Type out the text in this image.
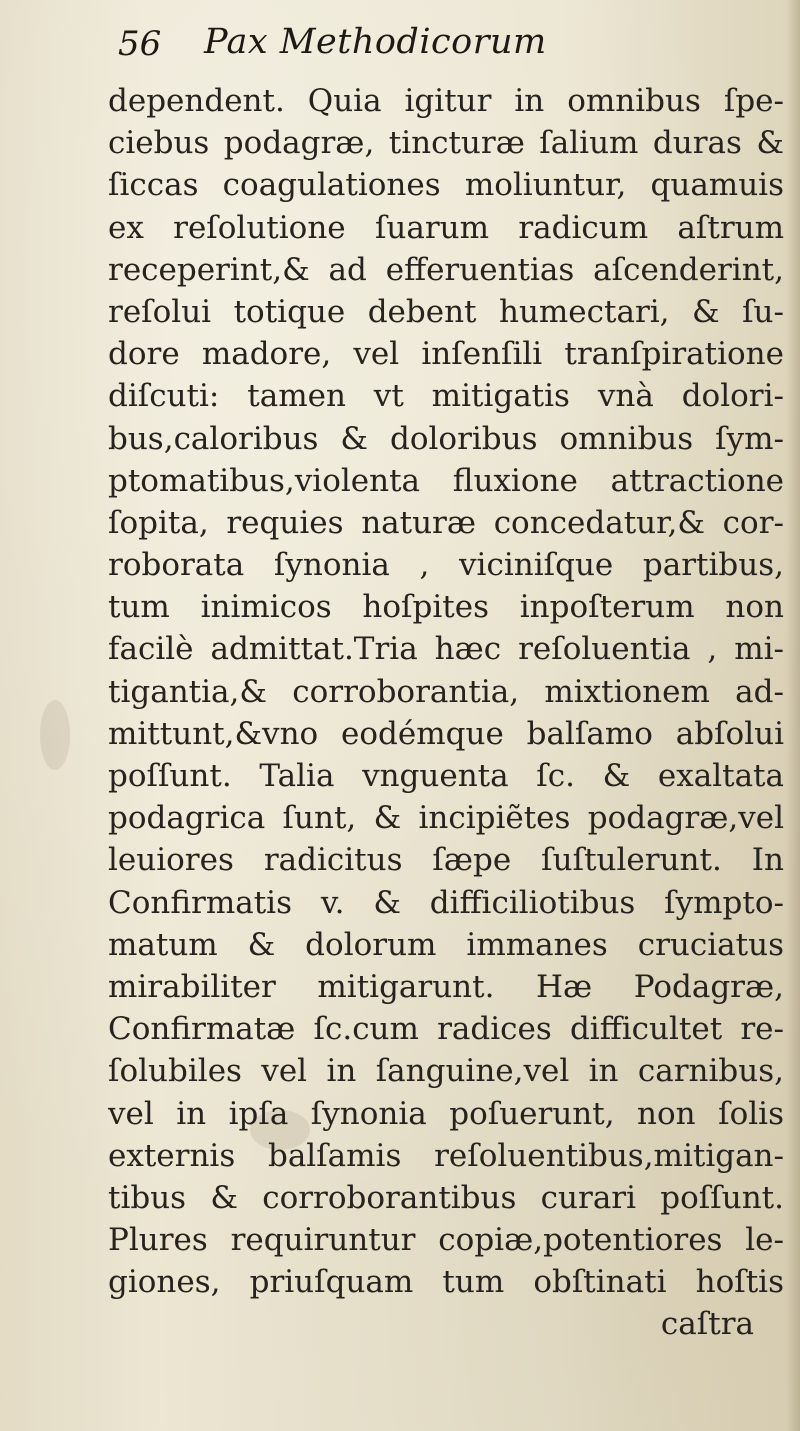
56 Pax Methodicorum
dependent. Quia igitur in omnibus ſpe-
ciebus podagræ, tincturæ ſalium duras &
ſiccas coagulationes moliuntur, quamuis
ex reſolutione ſuarum radicum aſtrum
receperint,& ad efferuentias aſcenderint,
reſolui totique debent humectari, & ſu-
dore madore, vel inſenſili tranſpiratione
diſcuti: tamen vt mitigatis vnà dolori-
bus,caloribus & doloribus omnibus ſym-
ptomatibus,violenta fluxione attractione
ſopita, requies naturæ concedatur,& cor-
roborata ſynonia , viciniſque partibus,
tum inimicos hoſpites inpoſterum non
facilè admittat.Tria hæc reſoluentia , mi-
tigantia,& corroborantia, mixtionem ad-
mittunt,&vno eodémque balſamo abſolui
poſſunt. Talia vnguenta ſc. & exaltata
podagrica ſunt, & incipiẽtes podagræ,vel
leuiores radicitus ſæpe ſuſtulerunt. In
Confirmatis v. & difficiliotibus ſympto-
matum & dolorum immanes cruciatus
mirabiliter mitigarunt. Hæ Podagræ,
Confirmatæ ſc.cum radices difficultet re-
ſolubiles vel in ſanguine,vel in carnibus,
vel in ipſa ſynonia poſuerunt, non ſolis
externis balſamis reſoluentibus,mitigan-
tibus & corroborantibus curari poſſunt.
Plures requiruntur copiæ,potentiores le-
giones, priuſquam tum obſtinati hoſtis
caſtra
